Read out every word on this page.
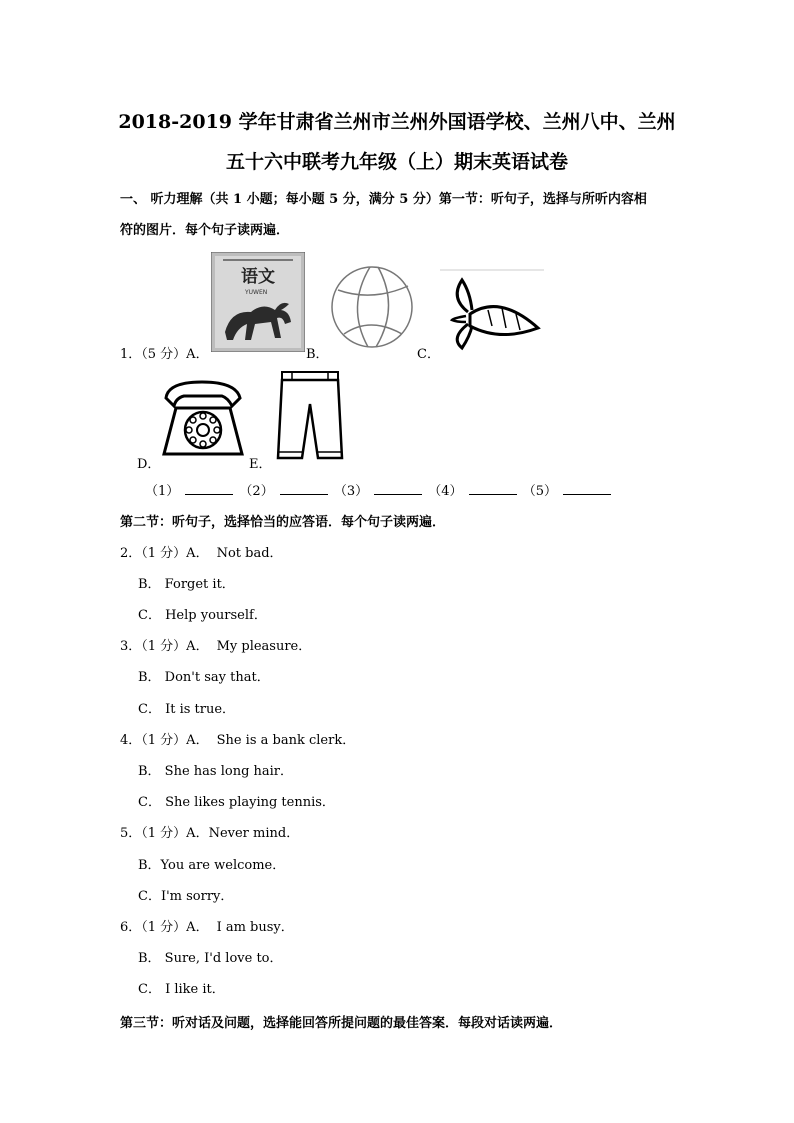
2018-2019 学年甘肃省兰州市兰州外国语学校、兰州八中、兰州
五十六中联考九年级（上）期末英语试卷
一、 听力理解（共 1 小题；每小题 5 分，满分 5 分）第一节：听句子，选择与所听内容相
符的图片．每个句子读两遍．
1．（5 分）A．
语文
YUWEN
B．	C．
D．	E．
（1）	（2）	（3）	（4）	（5）
第二节：听句子，选择恰当的应答语．每个句子读两遍．
2．（1 分）A． Not bad．
B． Forget it．
C． Help yourself．
3．（1 分）A． My pleasure．
B． Don't say that．
C． It is true．
4．（1 分）A． She is a bank clerk．
B． She has long hair．
C． She likes playing tennis．
5．（1 分）A．Never mind．
B．You are welcome．
C．I'm sorry．
6．（1 分）A． I am busy．
B． Sure, I'd love to．
C． I like it．
第三节：听对话及问题，选择能回答所提问题的最佳答案．每段对话读两遍．
